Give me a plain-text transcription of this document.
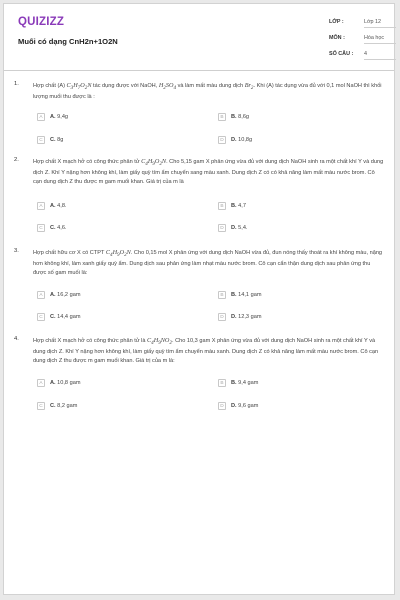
QUIZIZZ
Muối có dạng CnH2n+1O2N
LỚP :	Lớp 12
MÔN :	Hóa học
SỐ CÂU :	4
1.	Hợp chất (A) $C_3H_7O_2N$ tác dụng được với NaOH, $H_2SO_4$ và làm mất màu dung dịch $Br_2$. Khi (A) tác dụng vừa đủ với 0,1 mol NaOH thì khối lượng muối thu được là :
A	A. 9,4g	B	B. 8,6g
C	C. 8g	D	D. 10,8g
2.	Hợp chất X mạch hở có công thức phân tử $C_4H_9O_2N$. Cho 5,15 gam X phản ứng vừa đủ với dung dịch NaOH sinh ra một chất khí Y và dung dịch Z. Khí Y nặng hơn không khí, làm giấy quỳ tím ẩm chuyển sang màu xanh. Dung dịch Z có có khả năng làm mất màu nước brom. Cô cạn dung dịch Z thu được m gam muối khan. Giá trị của m là
A	A. 4,8.	B	B. 4,7
C	C. 4,6.	D	D. 5,4.
3.	Hợp chất hữu cơ X có CTPT $C_4H_9O_2N$. Cho 0,15 mol X phản ứng với dung dịch NaOH vừa đủ, đun nóng thấy thoát ra khí không màu, nặng hơn không khí, làm xanh giấy quỳ ẩm. Dung dịch sau phản ứng làm nhạt màu nước brom. Cô cạn cẩn thận dung dịch sau phản ứng thu được số gam muối là:
A	A. 16,2 gam	B	B. 14,1 gam
C	C. 14,4 gam	D	D. 12,3 gam
4.	Hợp chất X mạch hở có công thức phân tử là $C_4H_9NO_2$. Cho 10,3 gam X phản ứng vừa đủ với dung dịch NaOH sinh ra một chất khí Y và dung dịch Z. Khí Y nặng hơn không khí, làm giấy quỳ tím ẩm chuyển màu xanh. Dung dịch Z có khả năng làm mất màu nước brom. Cô cạn dung dịch Z thu được m gam muối khan. Giá trị của m là:
A	A. 10,8 gam	B	B. 9,4 gam
C	C. 8,2 gam	D	D. 9,6 gam
